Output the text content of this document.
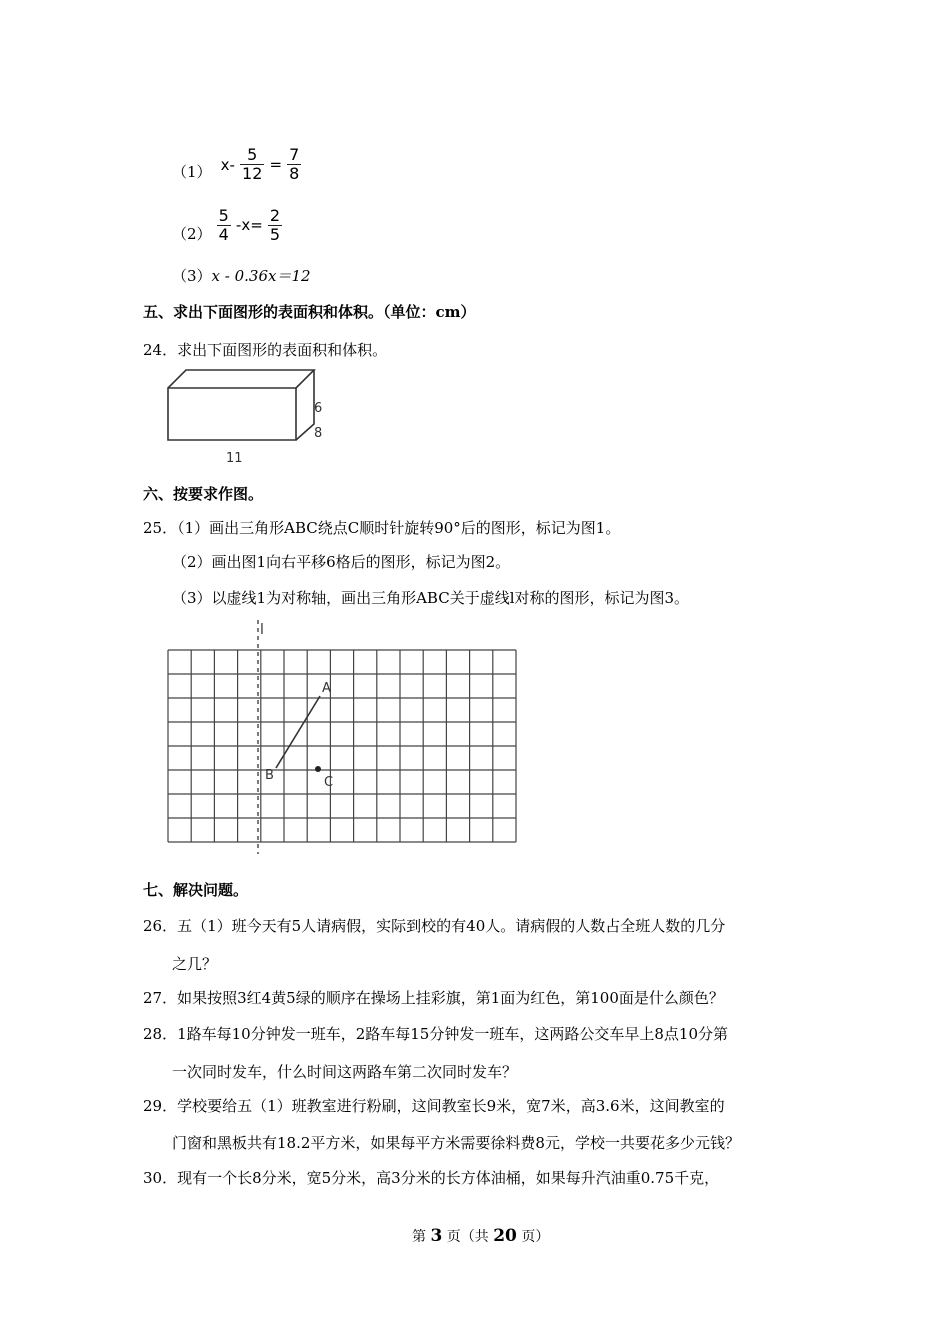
（1） $x- \frac{5}{12} = \frac{7}{8}$
$(2) \frac{5}{4} -x= \frac{2}{5}$
（3）x ‐ 0.36x＝12
五、求出下面图形的表面积和体积。（单位：cm）
24．求出下面图形的表面积和体积。
6
8
11
六、按要求作图。
25．（1）画出三角形ABC绕点C顺时针旋转90°后的图形，标记为图1。
（2）画出图1向右平移6格后的图形，标记为图2。
（3）以虚线1为对称轴，画出三角形ABC关于虚线l对称的图形，标记为图3。
l
A
B	C
七、解决问题。
26．五（1）班今天有5人请病假，实际到校的有40人。请病假的人数占全班人数的几分
之几？
27．如果按照3红4黄5绿的顺序在操场上挂彩旗，第1面为红色，第100面是什么颜色？
28．1路车每10分钟发一班车，2路车每15分钟发一班车，这两路公交车早上8点10分第
一次同时发车，什么时间这两路车第二次同时发车？
29．学校要给五（1）班教室进行粉刷，这间教室长9米，宽7米，高3.6米，这间教室的
门窗和黑板共有18.2平方米，如果每平方米需要徐料费8元，学校一共要花多少元钱？
30．现有一个长8分米，宽5分米，高3分米的长方体油桶，如果每升汽油重0.75千克，
第 3 页（共 20 页）
